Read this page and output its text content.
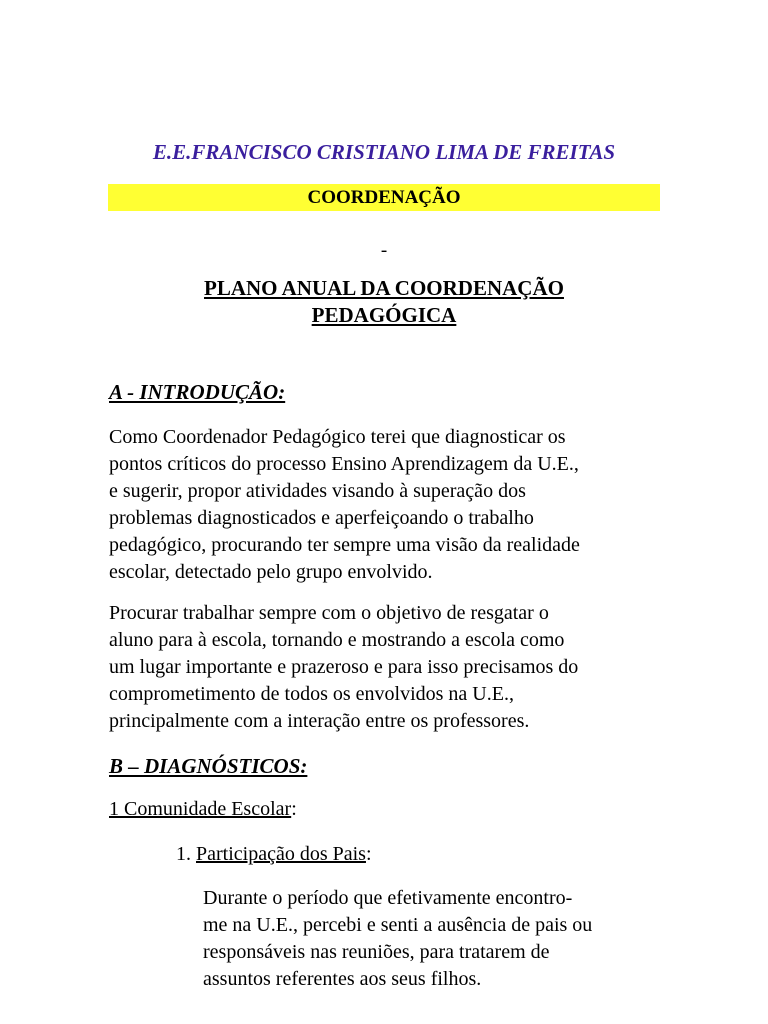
E.E.FRANCISCO CRISTIANO LIMA DE FREITAS
COORDENAÇÃO
-
PLANO ANUAL DA COORDENAÇÃO
PEDAGÓGICA
A - INTRODUÇÃO:
Como Coordenador Pedagógico terei que diagnosticar os
pontos críticos do processo Ensino Aprendizagem da U.E.,
e sugerir, propor atividades visando à superação dos
problemas diagnosticados e aperfeiçoando o trabalho
pedagógico, procurando ter sempre uma visão da realidade
escolar, detectado pelo grupo envolvido.
Procurar trabalhar sempre com o objetivo de resgatar o
aluno para à escola, tornando e mostrando a escola como
um lugar importante e prazeroso e para isso precisamos do
comprometimento de todos os envolvidos na U.E.,
principalmente com a interação entre os professores.
B – DIAGNÓSTICOS:
1 Comunidade Escolar:
1. Participação dos Pais:
Durante o período que efetivamente encontro-
me na U.E., percebi e senti a ausência de pais ou
responsáveis nas reuniões, para tratarem de
assuntos referentes aos seus filhos.
